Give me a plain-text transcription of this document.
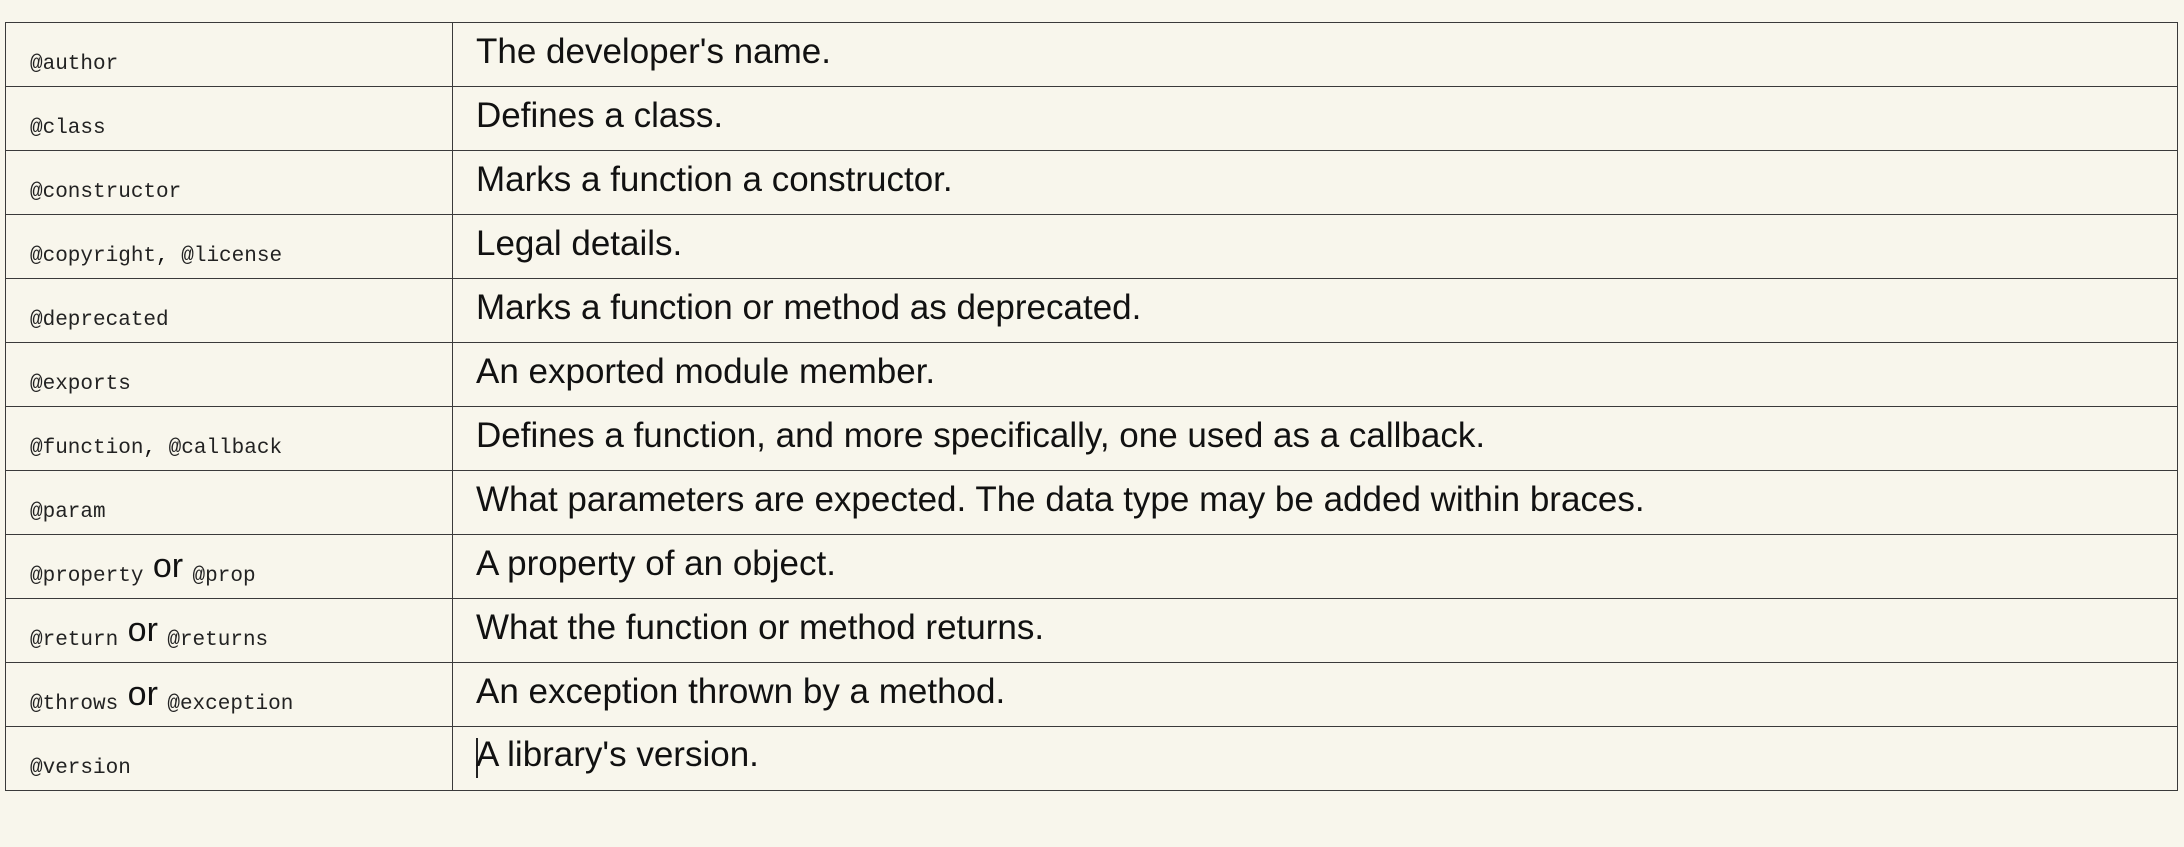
@author	The developer's name.
@class	Defines a class.
@constructor	Marks a function a constructor.
@copyright, @license	Legal details.
@deprecated	Marks a function or method as deprecated.
@exports	An exported module member.
@function, @callback	Defines a function, and more specifically, one used as a callback.
@param	What parameters are expected. The data type may be added within braces.
@property or @prop	A property of an object.
@return or @returns	What the function or method returns.
@throws or @exception	An exception thrown by a method.
@version	A library's version.
